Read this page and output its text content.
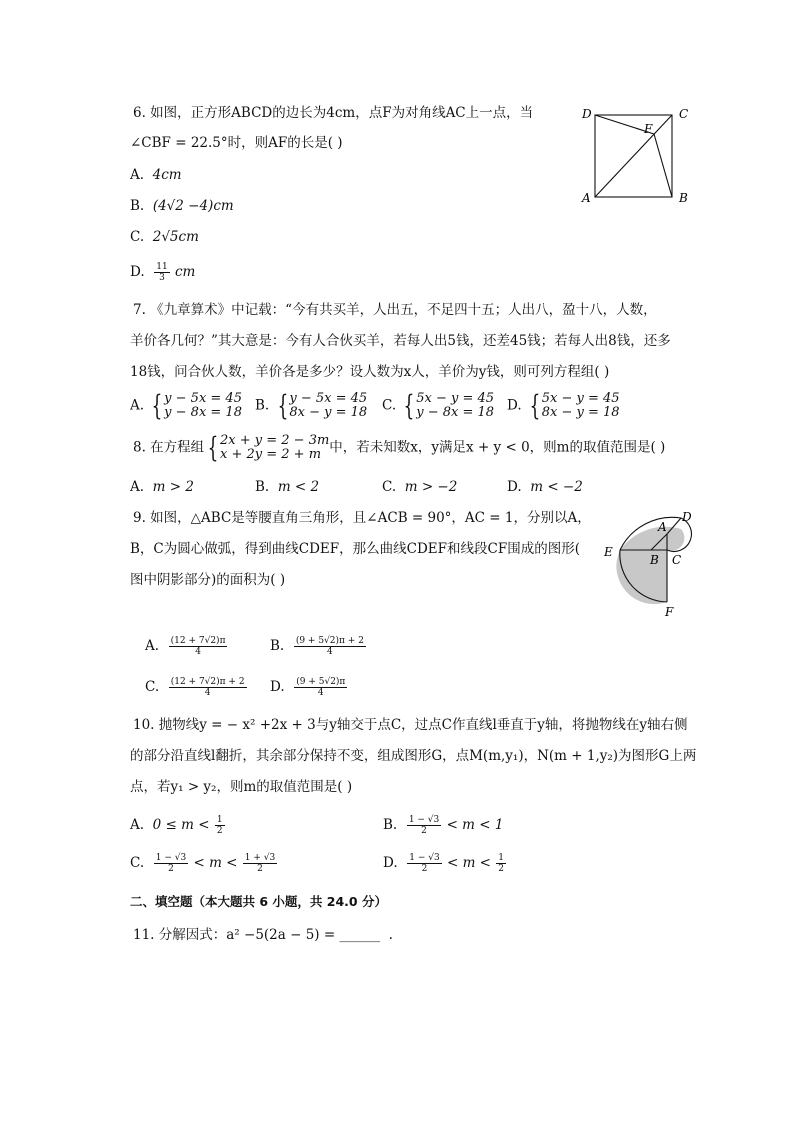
6. 如图，正方形ABCD的边长为4cm，点F为对角线AC上一点，当
∠CBF = 22.5°时，则AF的长是( )
A. 4cm
B. (4√2 −4)cm
C. 2√5cm
D. $\frac{11}{3}$ cm
D	C
F
A	B
7. 《九章算术》中记载：“今有共买羊，人出五，不足四十五；人出八，盈十八，人数，
羊价各几何？”其大意是：今有人合伙买羊，若每人出5钱，还差45钱；若每人出8钱，还多
18钱，问合伙人数，羊价各是多少？设人数为x人，羊价为y钱，则可列方程组( )
A. { y − 5x = 45
y − 8x = 18 B. { y − 5x = 45
8x − y = 18 C. { 5x − y = 45
y − 8x = 18 D. { 5x − y = 45
8x − y = 18
8. 在方程组 { 2x + y = 2 − 3m
x + 2y = 2 + m 中，若未知数x，y满足x + y < 0，则m的取值范围是( )
A. m > 2	B. m < 2	C. m > −2	D. m < −2
9. 如图，△ABC是等腰直角三角形，且∠ACB = 90°，AC = 1，分别以A，
B，C为圆心做弧，得到曲线CDEF，那么曲线CDEF和线段CF围成的图形(
图中阴影部分)的面积为( )
A
D
E
B C
F
A. $\frac{(12 + 7√2)\pi}{4}$	B. $\frac{(9 + 5√2)\pi + 2}{4}$
C. $\frac{(12 + 7√2)\pi + 2}{4} D$. $\frac{(9 + 5√2)\pi}{4}$
10. 抛物线y = − x² +2x + 3与y轴交于点C，过点C作直线l垂直于y轴，将抛物线在y轴右侧
的部分沿直线l翻折，其余部分保持不变，组成图形G，点M(m,y₁)，N(m + 1,y₂)为图形G上两
点，若y₁ > y₂，则m的取值范围是( )
A. $0 \le m < \frac{1}{2}$	B. $\frac{1 - √3}{2} < m < 1$
C. $\frac{1 - √3}{2} < m < \frac{1 + √3}{2}$	D. $\frac{1 - √3}{2} < m < \frac{1}{2}$
二、填空题（本大题共 6 小题，共 24.0 分）
11. 分解因式：a² −5(2a − 5) = ______ .
